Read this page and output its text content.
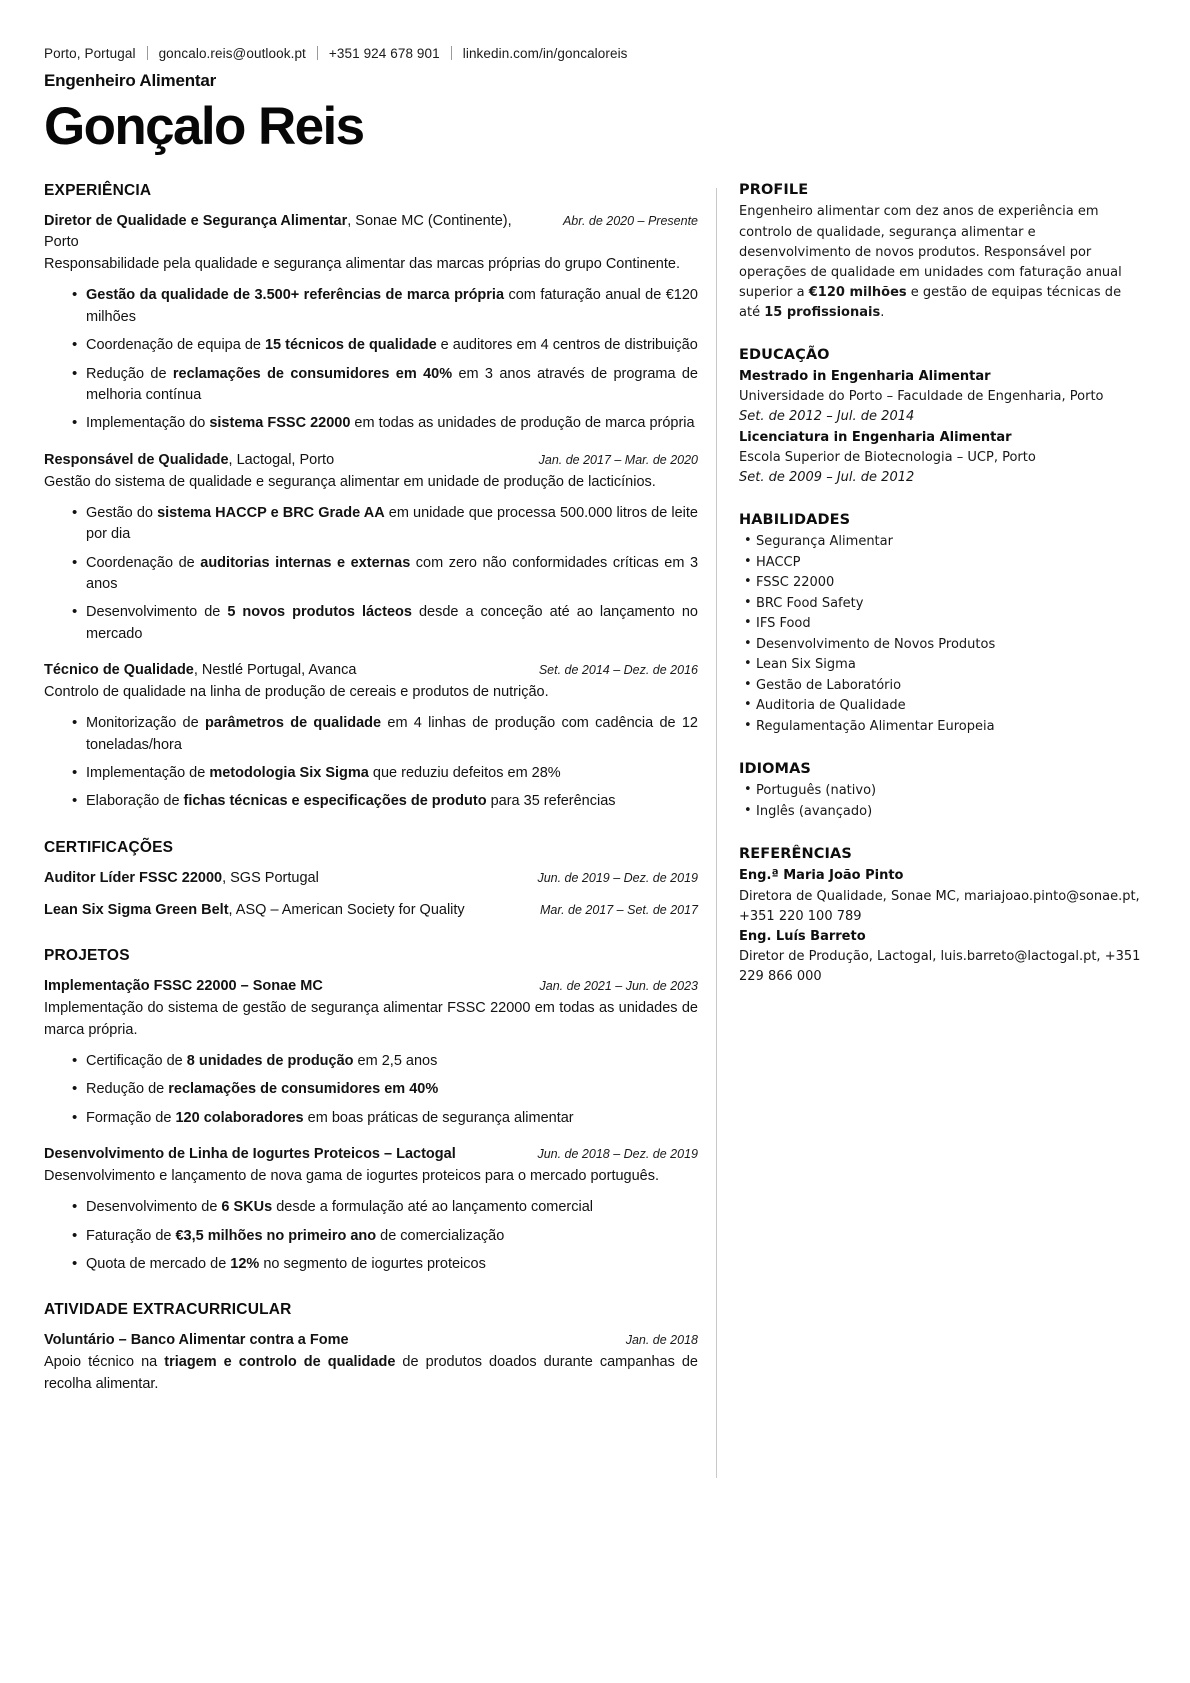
Porto, Portugal goncalo.reis@outlook.pt +351 924 678 901 linkedin.com/in/goncaloreis
Engenheiro Alimentar
Gonçalo Reis
EXPERIÊNCIA
Diretor de Qualidade e Segurança Alimentar, Sonae MC (Continente), Porto
Abr. de 2020 – Presente

Responsabilidade pela qualidade e segurança alimentar das marcas próprias do grupo Continente.

• Gestão da qualidade de 3.500+ referências de marca própria com faturação anual de €120 milhões
• Coordenação de equipa de 15 técnicos de qualidade e auditores em 4 centros de distribuição
• Redução de reclamações de consumidores em 40% em 3 anos através de programa de melhoria contínua
• Implementação do sistema FSSC 22000 em todas as unidades de produção de marca própria
Responsável de Qualidade, Lactogal, Porto	Jan. de 2017 – Mar. de 2020

Gestão do sistema de qualidade e segurança alimentar em unidade de produção de lacticínios.

• Gestão do sistema HACCP e BRC Grade AA em unidade que processa 500.000 litros de leite por dia
• Coordenação de auditorias internas e externas com zero não conformidades críticas em 3 anos
• Desenvolvimento de 5 novos produtos lácteos desde a conceção até ao lançamento no mercado
Técnico de Qualidade, Nestlé Portugal, Avanca	Set. de 2014 – Dez. de 2016

Controlo de qualidade na linha de produção de cereais e produtos de nutrição.

• Monitorização de parâmetros de qualidade em 4 linhas de produção com cadência de 12 toneladas/hora
• Implementação de metodologia Six Sigma que reduziu defeitos em 28%
• Elaboração de fichas técnicas e especificações de produto para 35 referências
CERTIFICAÇÕES
Auditor Líder FSSC 22000, SGS Portugal	Jun. de 2019 – Dez. de 2019
Lean Six Sigma Green Belt, ASQ – American Society for Quality	Mar. de 2017 – Set. de 2017
PROJETOS
Implementação FSSC 22000 – Sonae MC	Jan. de 2021 – Jun. de 2023

Implementação do sistema de gestão de segurança alimentar FSSC 22000 em todas as unidades de marca própria.

• Certificação de 8 unidades de produção em 2,5 anos
• Redução de reclamações de consumidores em 40%
• Formação de 120 colaboradores em boas práticas de segurança alimentar
Desenvolvimento de Linha de Iogurtes Proteicos – Lactogal	Jun. de 2018 – Dez. de 2019

Desenvolvimento e lançamento de nova gama de iogurtes proteicos para o mercado português.

• Desenvolvimento de 6 SKUs desde a formulação até ao lançamento comercial
• Faturação de €3,5 milhões no primeiro ano de comercialização
• Quota de mercado de 12% no segmento de iogurtes proteicos
ATIVIDADE EXTRACURRICULAR
Voluntário – Banco Alimentar contra a Fome	Jan. de 2018

Apoio técnico na triagem e controlo de qualidade de produtos doados durante campanhas de recolha alimentar.

PROFILE

Engenheiro alimentar com dez anos de experiência em controlo de qualidade, segurança alimentar e desenvolvimento de novos produtos. Responsável por operações de qualidade em unidades com faturação anual superior a €120 milhões e gestão de equipas técnicas de até 15 profissionais.

EDUCAÇÃO
Mestrado in Engenharia Alimentar
Universidade do Porto – Faculdade de Engenharia, Porto
Set. de 2012 – Jul. de 2014
Licenciatura in Engenharia Alimentar
Escola Superior de Biotecnologia – UCP, Porto
Set. de 2009 – Jul. de 2012
HABILIDADES
• Segurança Alimentar
• HACCP
• FSSC 22000
• BRC Food Safety
• IFS Food
• Desenvolvimento de Novos Produtos
• Lean Six Sigma
• Gestão de Laboratório
• Auditoria de Qualidade
• Regulamentação Alimentar Europeia
IDIOMAS
• Português (nativo)
• Inglês (avançado)
REFERÊNCIAS
Eng.ª Maria João Pinto
Diretora de Qualidade, Sonae MC, mariajoao.pinto@sonae.pt, +351 220 100 789
Eng. Luís Barreto
Diretor de Produção, Lactogal, luis.barreto@lactogal.pt, +351 229 866 000
